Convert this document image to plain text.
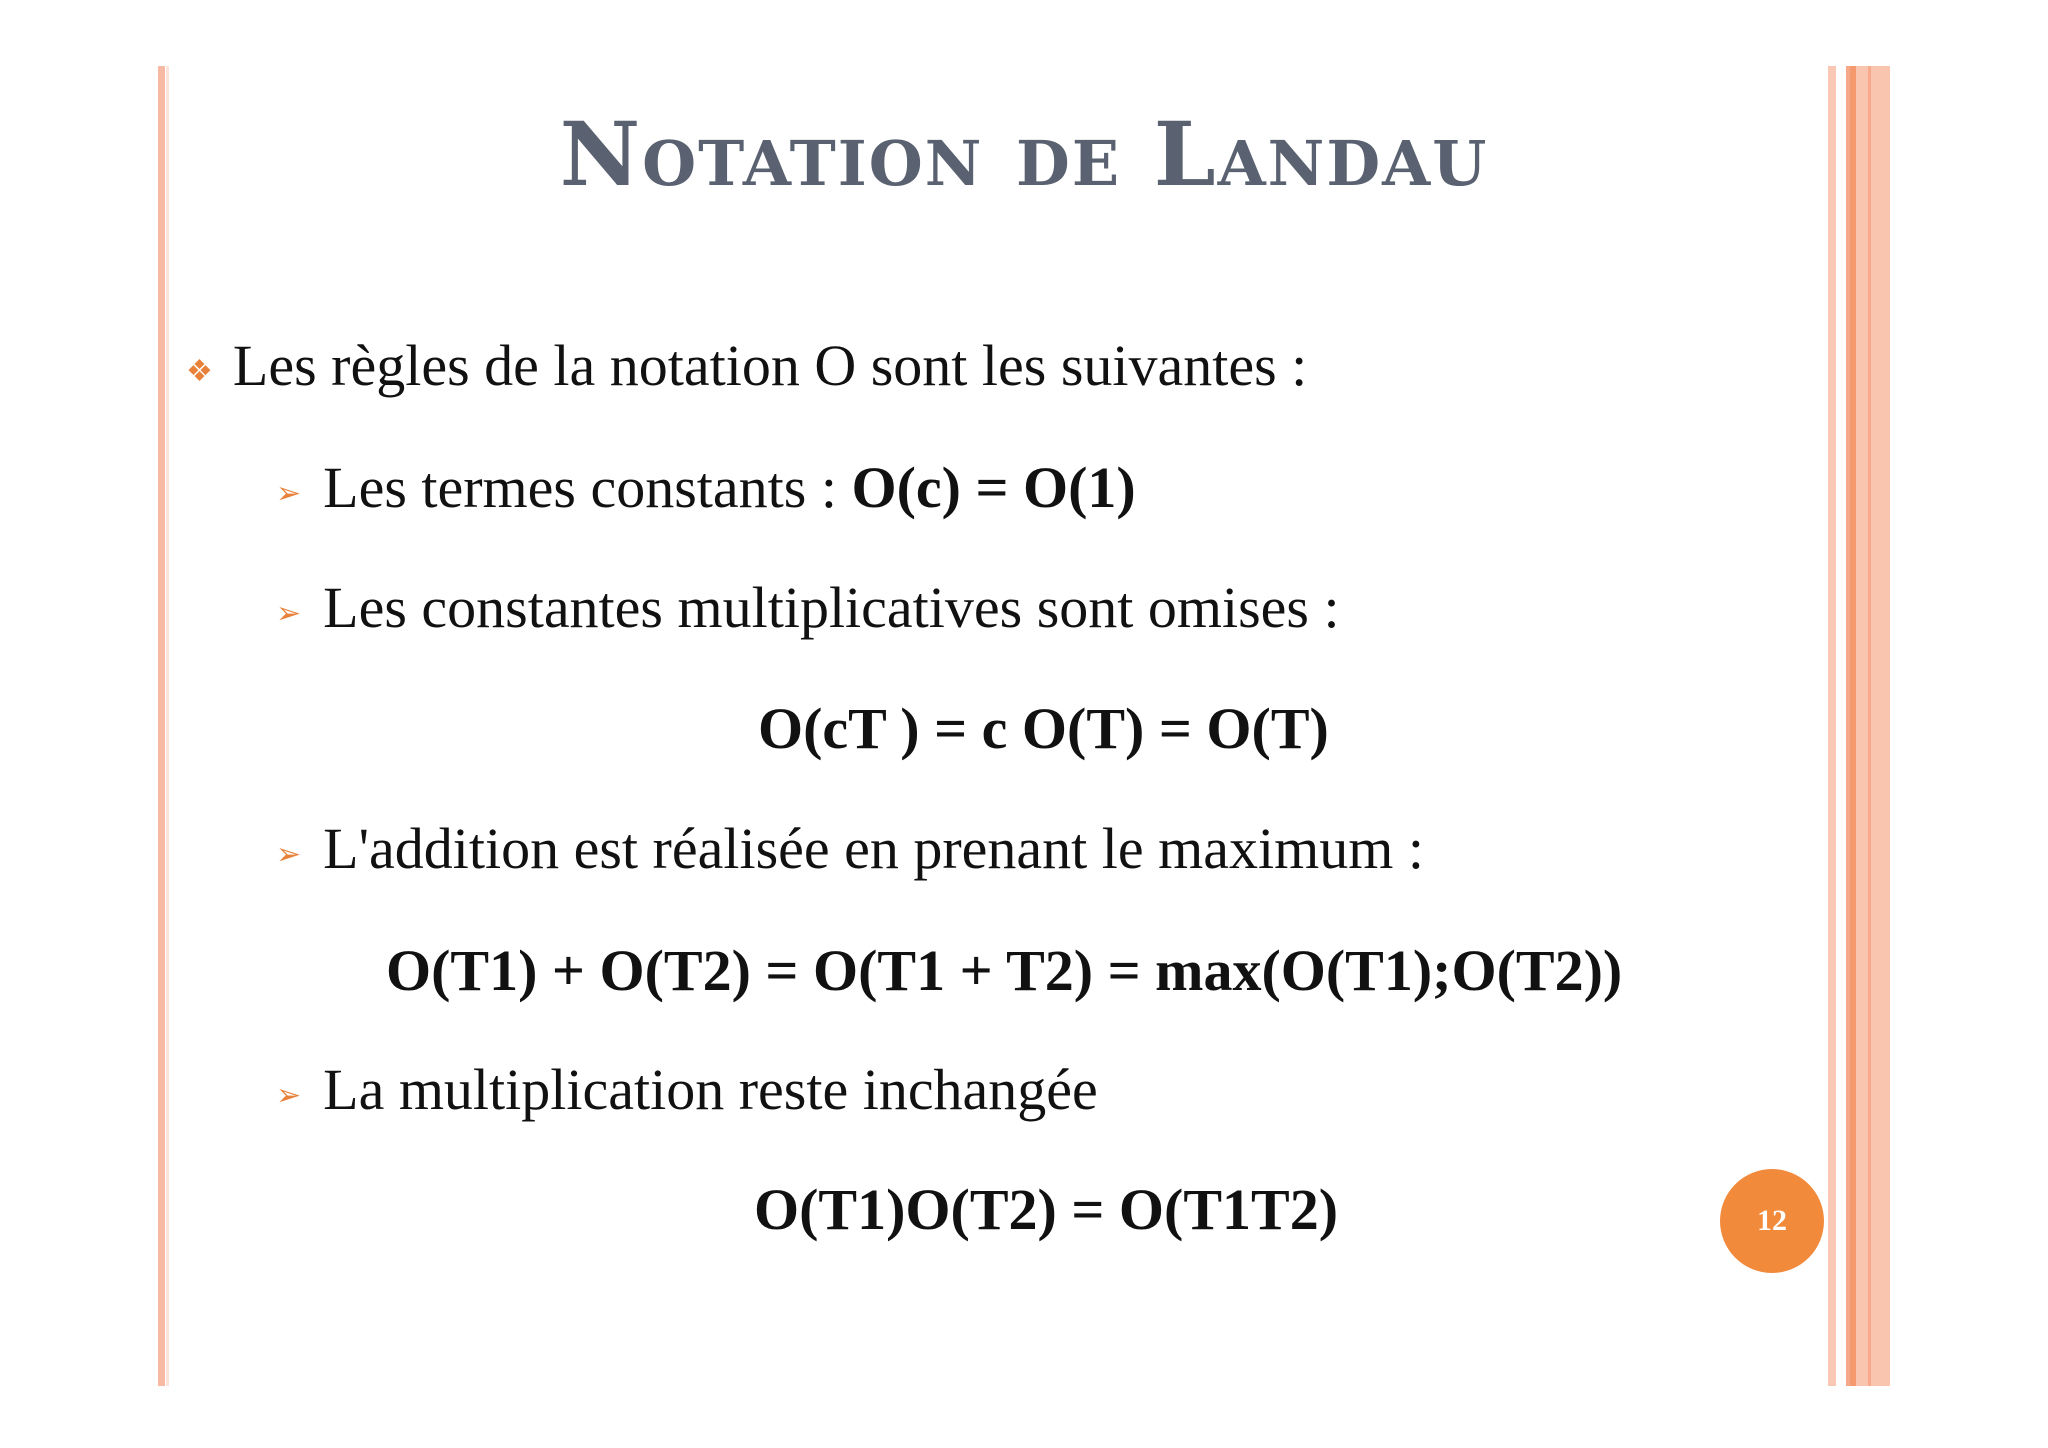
Notation de Landau
❖ Les règles de la notation O sont les suivantes :
➢ Les termes constants : O(c) = O(1)
➢ Les constantes multiplicatives sont omises :
O(cT ) = c O(T) = O(T)
➢ L'addition est réalisée en prenant le maximum :
O(T1) + O(T2) = O(T1 + T2) = max(O(T1);O(T2))
➢ La multiplication reste inchangée
O(T1)O(T2) = O(T1T2)	12
